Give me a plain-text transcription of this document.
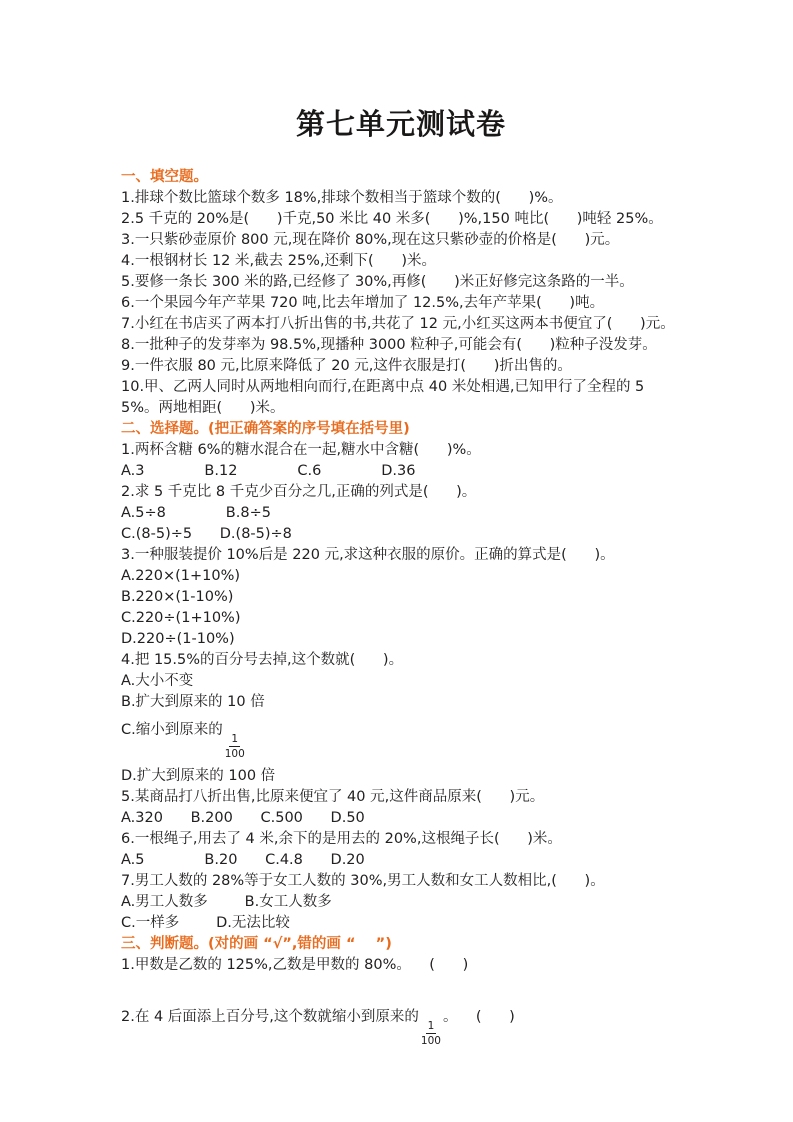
第七单元测试卷
一、填空题。
1.排球个数比篮球个数多 18%,排球个数相当于篮球个数的(      )%。
2.5 千克的 20%是(      )千克,50 米比 40 米多(      )%,150 吨比(      )吨轻 25%。
3.一只紫砂壶原价 800 元,现在降价 80%,现在这只紫砂壶的价格是(      )元。
4.一根钢材长 12 米,截去 25%,还剩下(      )米。
5.要修一条长 300 米的路,已经修了 30%,再修(      )米正好修完这条路的一半。
6.一个果园今年产苹果 720 吨,比去年增加了 12.5%,去年产苹果(      )吨。
7.小红在书店买了两本打八折出售的书,共花了 12 元,小红买这两本书便宜了(      )元。
8.一批种子的发芽率为 98.5%,现播种 3000 粒种子,可能会有(      )粒种子没发芽。
9.一件衣服 80 元,比原来降低了 20 元,这件衣服是打(      )折出售的。
10.甲、乙两人同时从两地相向而行,在距离中点 40 米处相遇,已知甲行了全程的 55%。两地相距(      )米。
二、选择题。(把正确答案的序号填在括号里)
1.两杯含糖 6%的糖水混合在一起,糖水中含糖(      )%。
A.3             B.12             C.6             D.36
2.求 5 千克比 8 千克少百分之几,正确的列式是(      )。
A.5÷8             B.8÷5
C.(8-5)÷5      D.(8-5)÷8
3.一种服装提价 10%后是 220 元,求这种衣服的原价。正确的算式是(      )。
A.220×(1+10%)
B.220×(1-10%)
C.220÷(1+10%)
D.220÷(1-10%)
4.把 15.5%的百分号去掉,这个数就(      )。
A.大小不变
B.扩大到原来的 10 倍
C.缩小到原来的
$\frac{1}{100}$
D.扩大到原来的 100 倍
5.某商品打八折出售,比原来便宜了 40 元,这件商品原来(      )元。
A.320      B.200      C.500      D.50
6.一根绳子,用去了 4 米,余下的是用去的 20%,这根绳子长(      )米。
A.5             B.20      C.4.8      D.20
7.男工人数的 28%等于女工人数的 30%,男工人数和女工人数相比,(      )。
A.男工人数多        B.女工人数多
C.一样多        D.无法比较
三、判断题。(对的画 “√”,错的画 “    ”)
1.甲数是乙数的 125%,乙数是甲数的 80%。    (      )
2.在 4 后面添上百分号,这个数就缩小到原来的
$\frac{1}{100}$
。    (      )
